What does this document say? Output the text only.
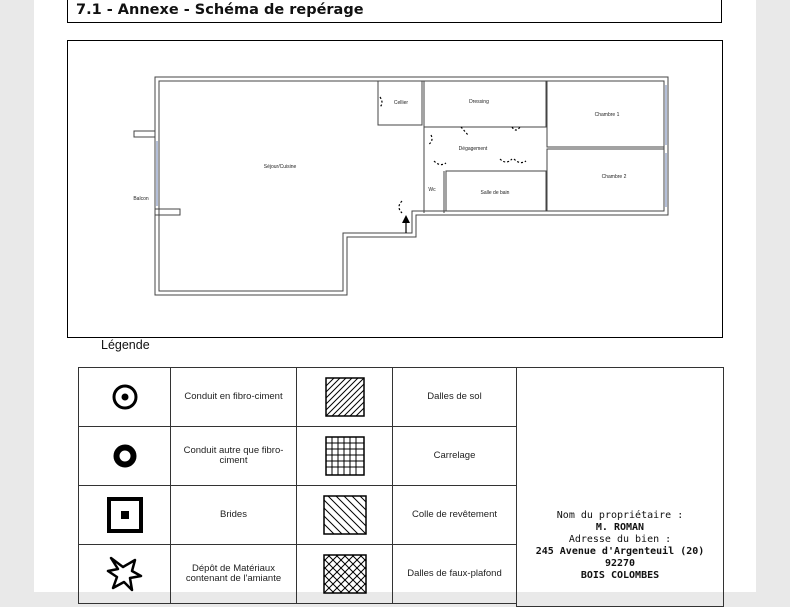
7.1 - Annexe - Schéma de repérage
Séjour/Cuisine
Cellier	Dressing
Chambre 1
Dégagement
Chambre 2
Wc	Salle de bain
Balcon
Légende
	Conduit en fibro-ciment		Dalles de sol

	Conduit autre que fibro-ciment		Carrelage

	Brides		Colle de revêtement

	Dépôt de Matériaux contenant de l'amiante		Dalles de faux-plafond
Nom du propriétaire :
M. ROMAN
Adresse du bien :
245 Avenue d'Argenteuil (20)
92270
BOIS COLOMBES
